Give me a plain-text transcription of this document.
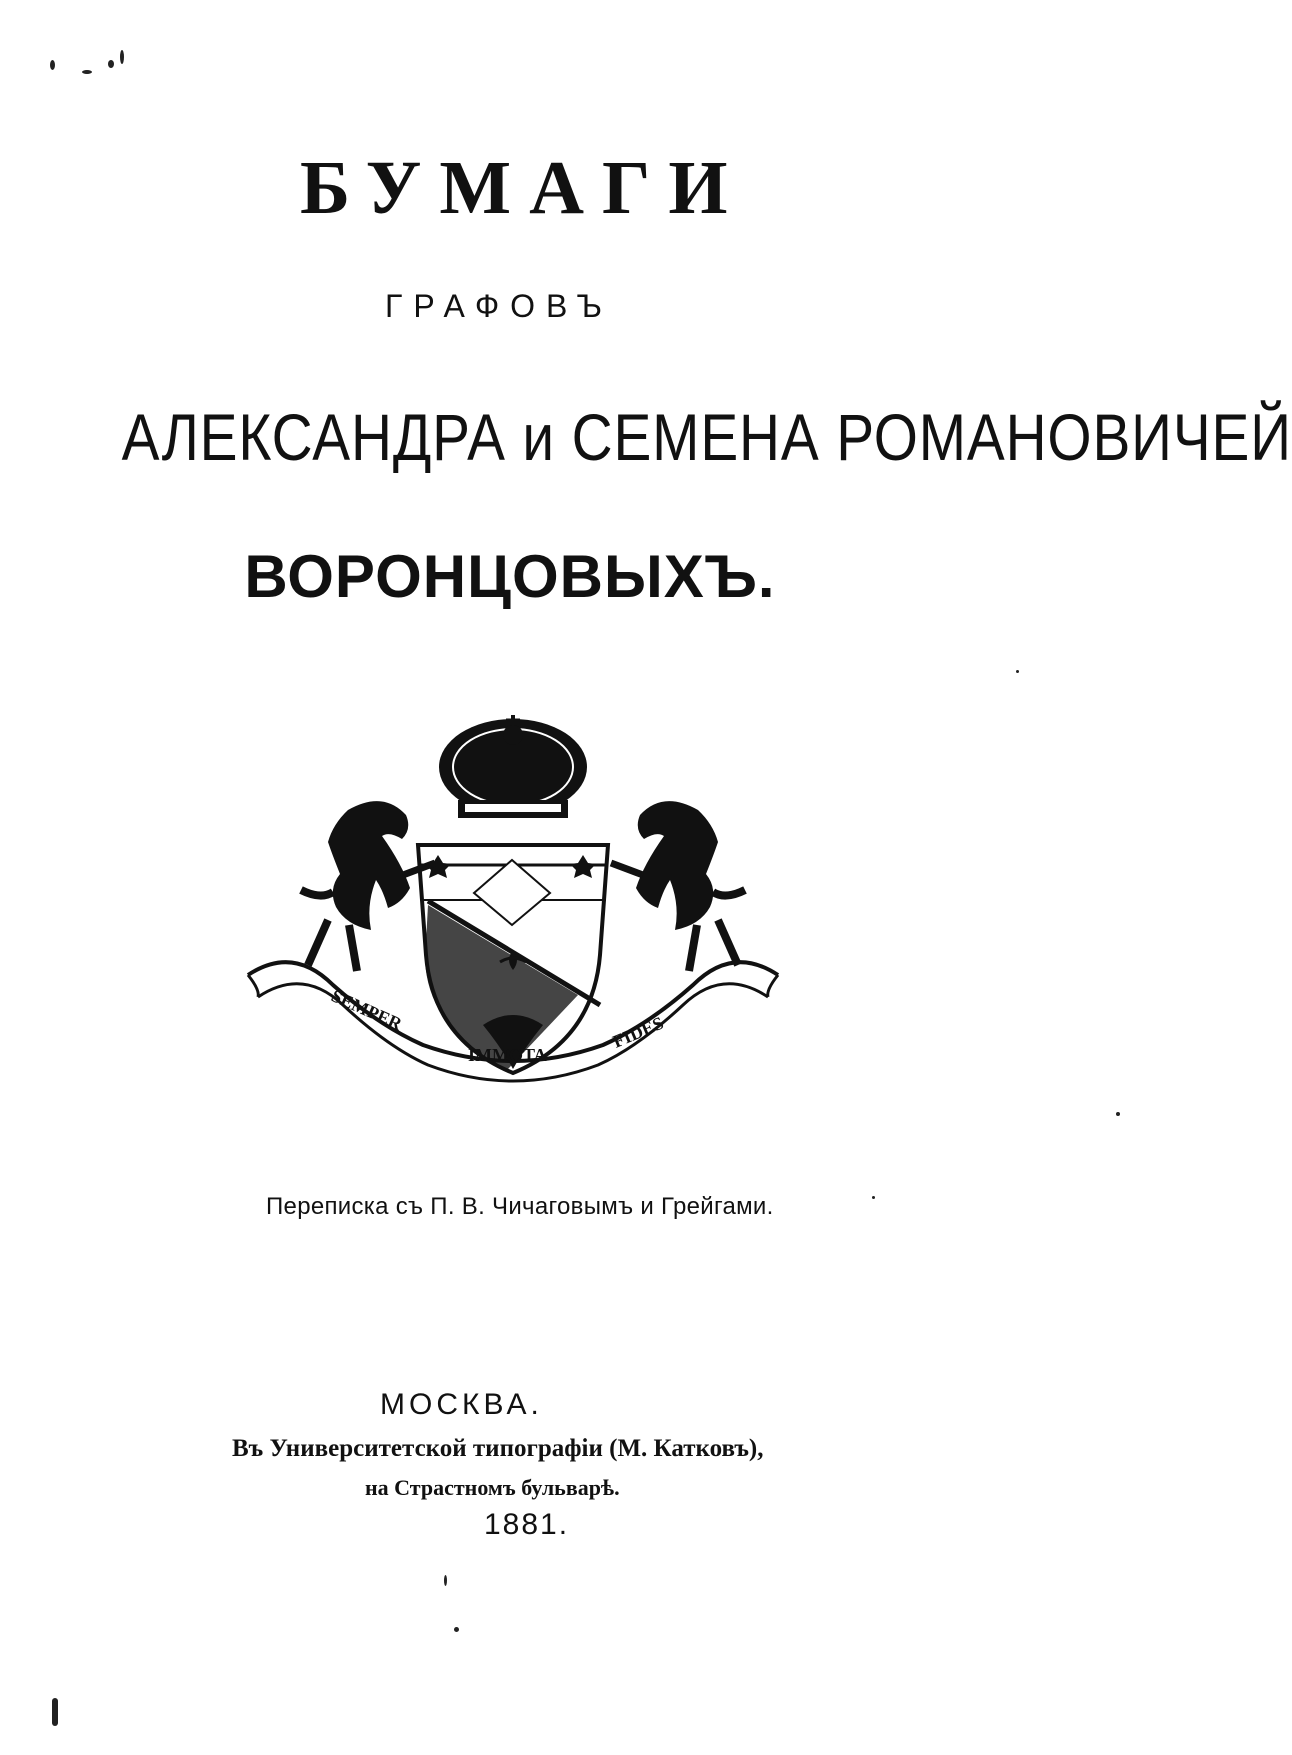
БУМАГИ
ГРАФОВЪ
АЛЕКСАНДРА и СЕМЕНА РОМАНОВИЧЕЙ
ВОРОНЦОВЫХЪ.
SEMPER
IMMOTA
FIDES
Переписка съ П. В. Чичаговымъ и Грейгами.
МОСКВА.
Въ Университетской типографіи (М. Катковъ),
на Страстномъ бульварѣ.
1881.
